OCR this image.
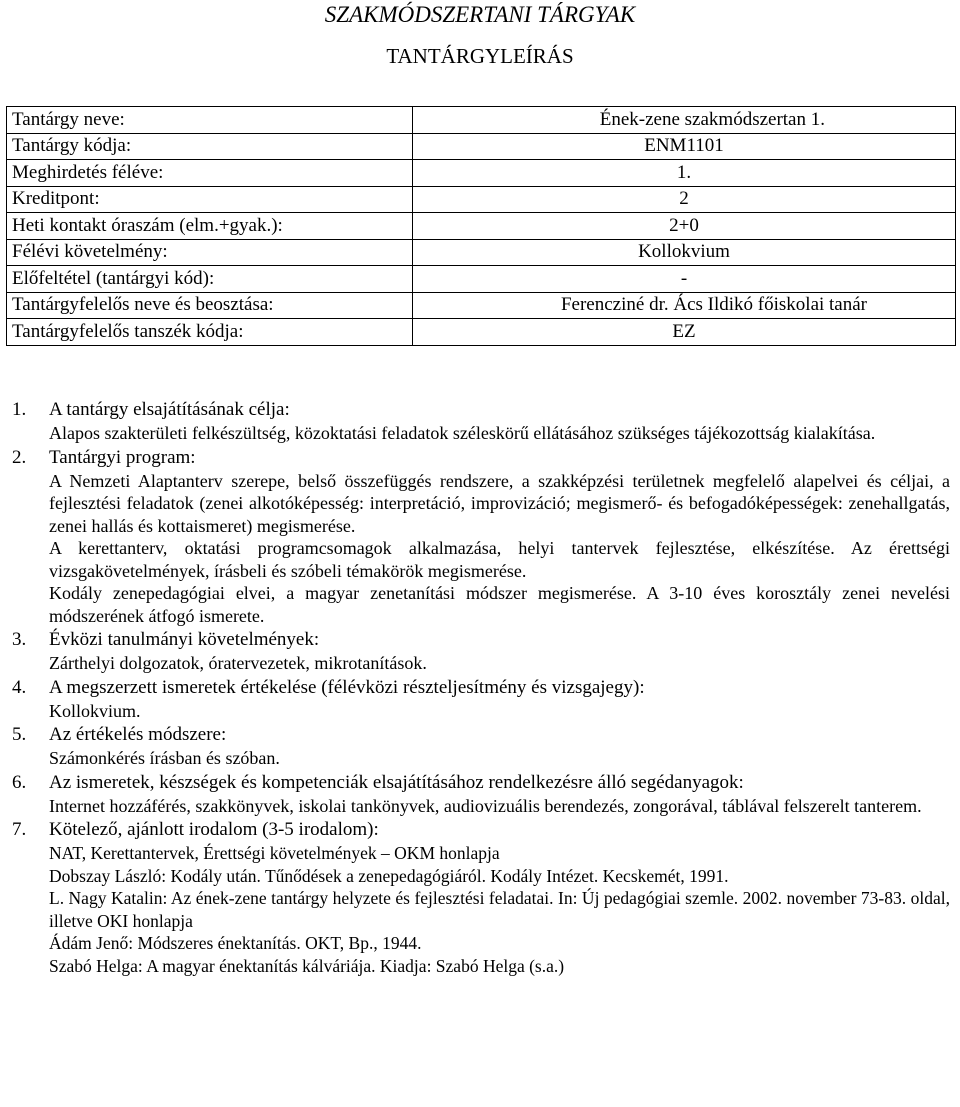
SZAKMÓDSZERTANI TÁRGYAK
TANTÁRGYLEÍRÁS
Tantárgy neve:	Ének-zene szakmódszertan 1.
Tantárgy kódja:	ENM1101
Meghirdetés féléve:	1.
Kreditpont:	2
Heti kontakt óraszám (elm.+gyak.):	2+0
Félévi követelmény:	Kollokvium
Előfeltétel (tantárgyi kód):	-
Tantárgyfelelős neve és beosztása:	Ferencziné dr. Ács Ildikó főiskolai tanár
Tantárgyfelelős tanszék kódja:	EZ
1.	A tantárgy elsajátításának célja:

Alapos szakterületi felkészültség, közoktatási feladatok széleskörű ellátásához szükséges tájékozottság kialakítása.

2.	Tantárgyi program:

A Nemzeti Alaptanterv szerepe, belső összefüggés rendszere, a szakképzési területnek megfelelő alapelvei és céljai, a fejlesztési feladatok (zenei alkotóképesség: interpretáció, improvizáció; megismerő- és befogadóképességek: zenehallgatás, zenei hallás és kottaismeret) megismerése.

A kerettanterv, oktatási programcsomagok alkalmazása, helyi tantervek fejlesztése, elkészítése. Az érettségi vizsgakövetelmények, írásbeli és szóbeli témakörök megismerése.

Kodály zenepedagógiai elvei, a magyar zenetanítási módszer megismerése. A 3-10 éves korosztály zenei nevelési módszerének átfogó ismerete.

3.	Évközi tanulmányi követelmények:

Zárthelyi dolgozatok, óratervezetek, mikrotanítások.

4.	A megszerzett ismeretek értékelése (félévközi részteljesítmény és vizsgajegy):

Kollokvium.

5.	Az értékelés módszere:

Számonkérés írásban és szóban.

6.	Az ismeretek, készségek és kompetenciák elsajátításához rendelkezésre álló segédanyagok:

Internet hozzáférés, szakkönyvek, iskolai tankönyvek, audiovizuális berendezés, zongorával, táblával felszerelt tanterem.

7.	Kötelező, ajánlott irodalom (3-5 irodalom):

NAT, Kerettantervek, Érettségi követelmények – OKM honlapja

Dobszay László: Kodály után. Tűnődések a zenepedagógiáról. Kodály Intézet. Kecskemét, 1991.

L. Nagy Katalin: Az ének-zene tantárgy helyzete és fejlesztési feladatai. In: Új pedagógiai szemle. 2002. november 73-83. oldal, illetve OKI honlapja

Ádám Jenő: Módszeres énektanítás. OKT, Bp., 1944.

Szabó Helga: A magyar énektanítás kálváriája. Kiadja: Szabó Helga (s.a.)
